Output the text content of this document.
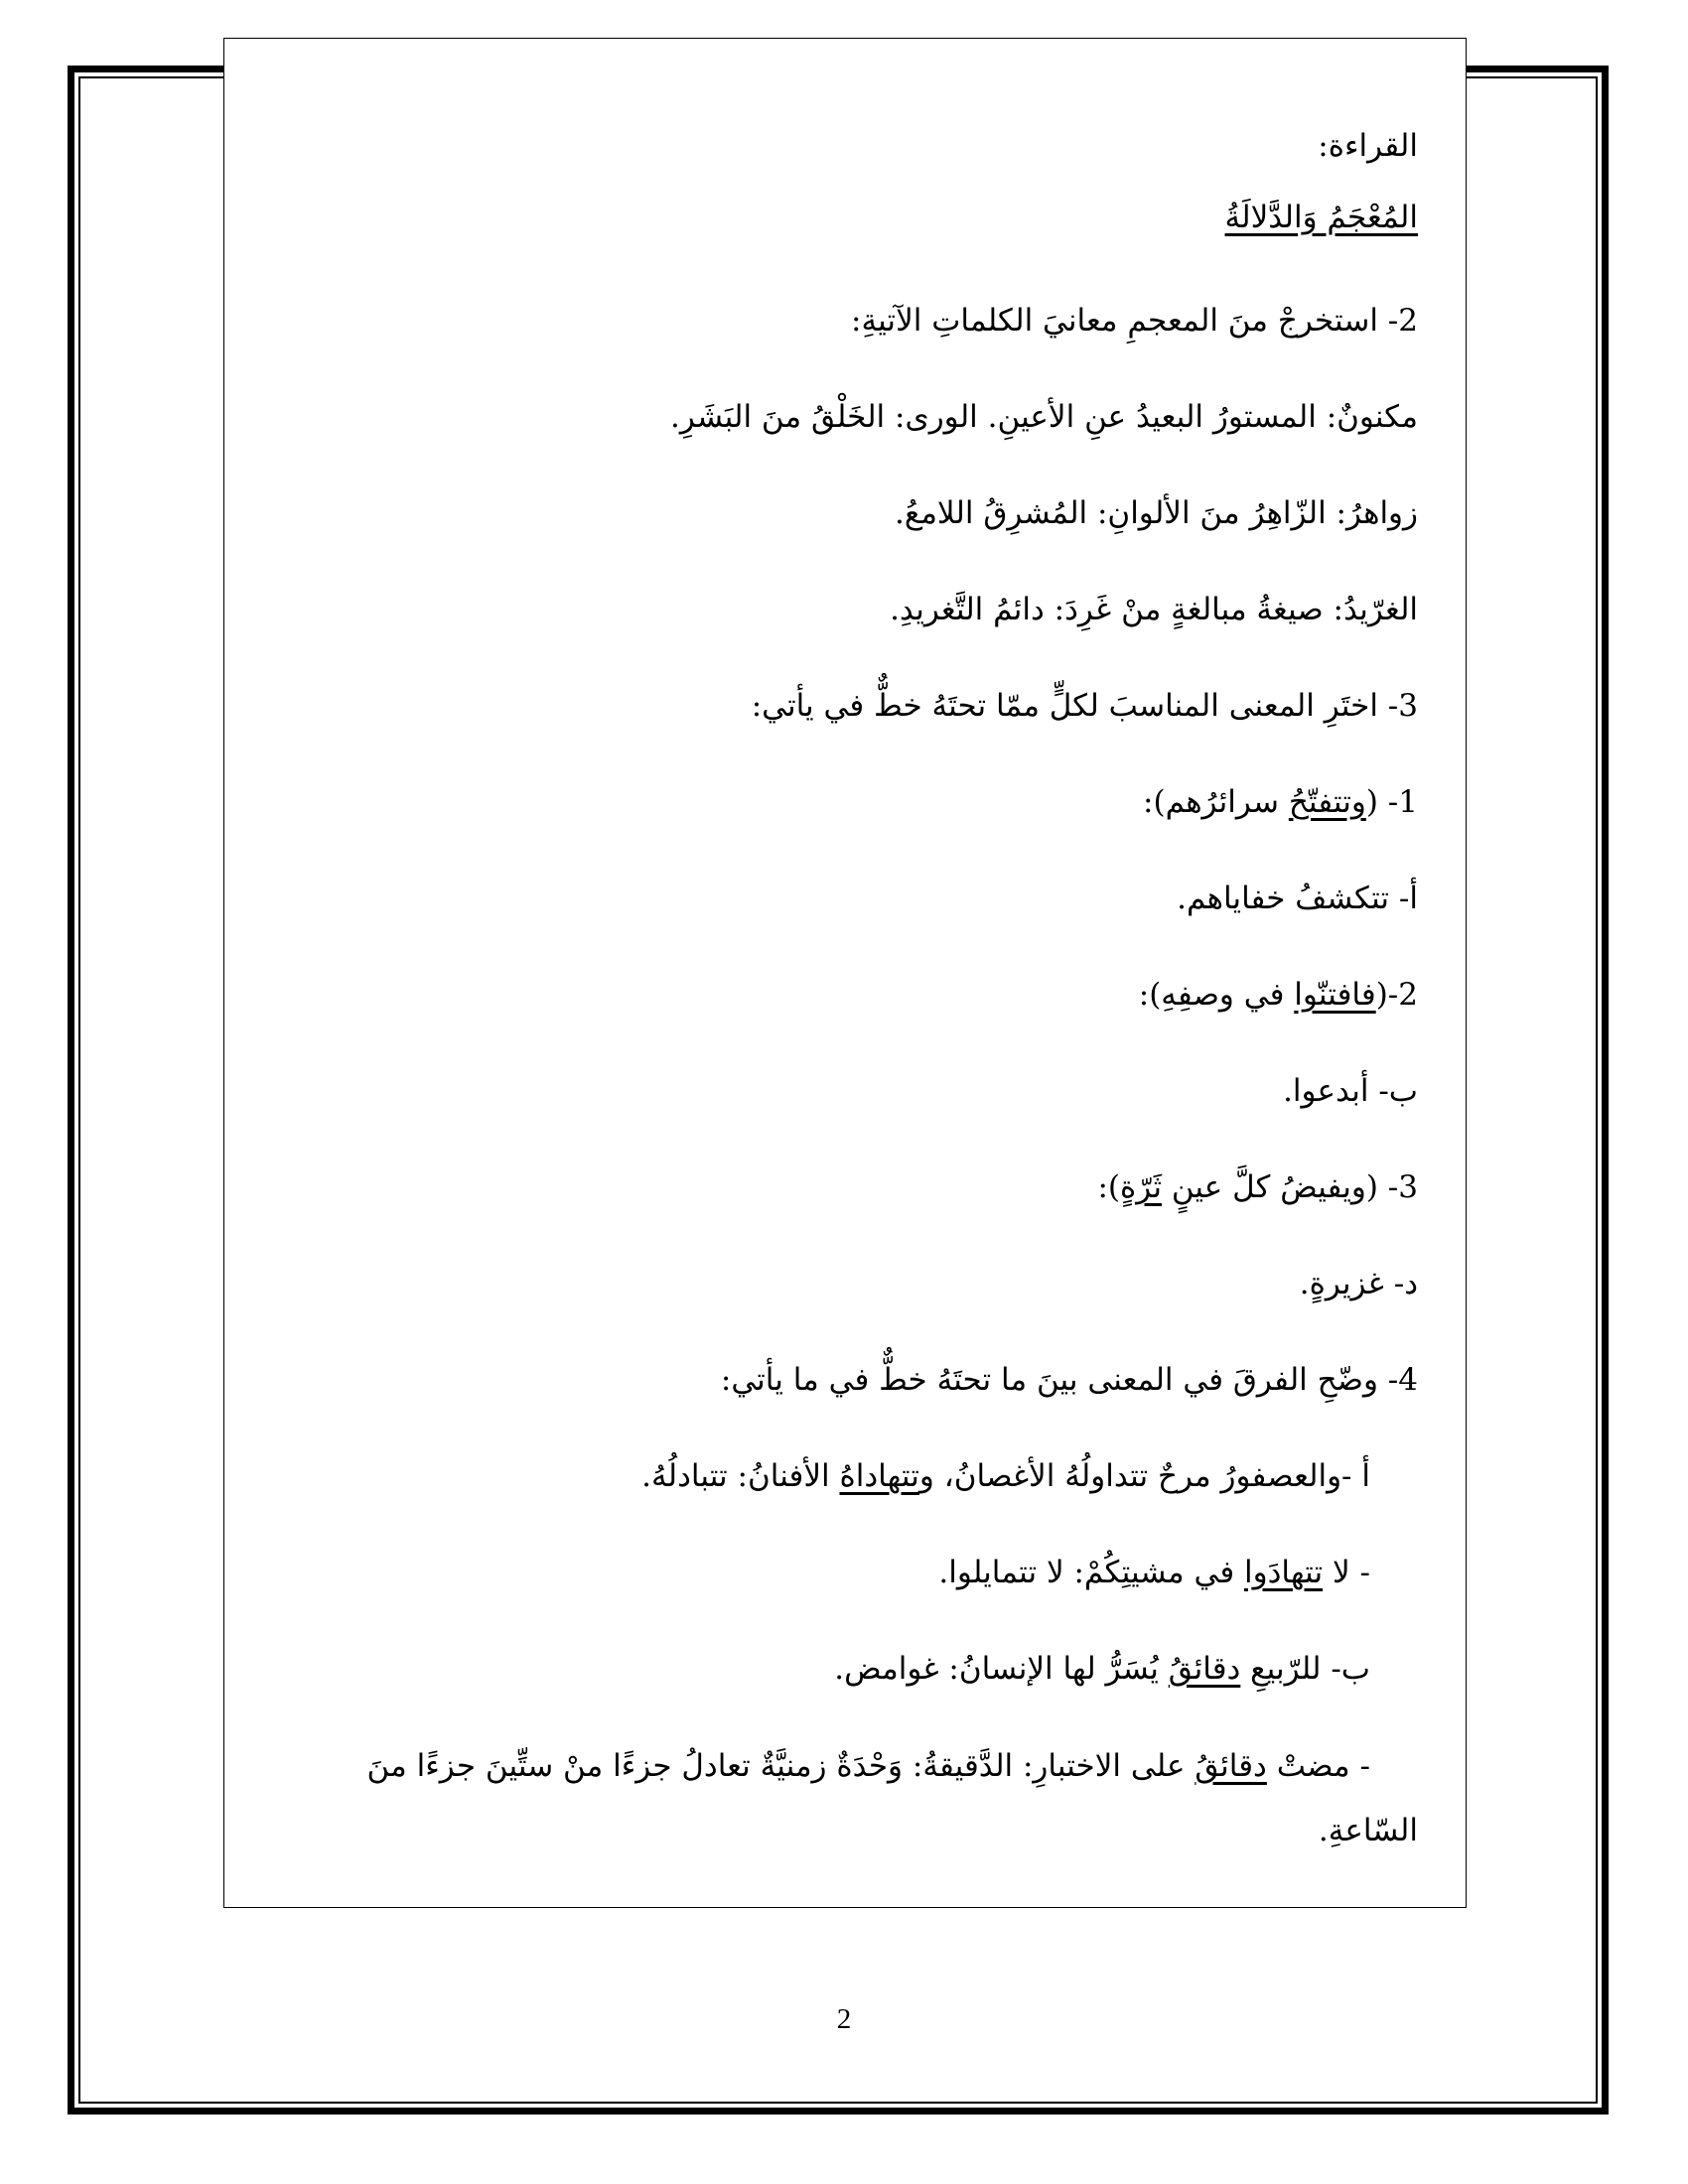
القراءة:
المُعْجَمُ وَالدَّلالَةُ
2- استخرجْ منَ المعجمِ معانيَ الكلماتِ الآتيةِ:
مكنونٌ: المستورُ البعيدُ عنِ الأعينِ. الورى: الخَلْقُ منَ البَشَرِ.
زواهرُ: الزّاهِرُ منَ الألوانِ: المُشرِقُ اللامعُ.
الغرّيدُ: صيغةُ مبالغةٍ منْ غَرِدَ: دائمُ التَّغريدِ.
3- اختَرِ المعنى المناسبَ لكلٍّ ممّا تحتَهُ خطٌّ في يأتي:
1- (وتتفتّحُ سرائرُهم):
أ- تتكشفُ خفاياهم.
2-(فافتنّوا في وصفِهِ):
ب- أبدعوا.
3- (ويفيضُ كلَّ عينٍ ثَرّةٍ):
د- غزيرةٍ.
4- وضّحِ الفرقَ في المعنى بينَ ما تحتَهُ خطٌّ في ما يأتي:
أ -والعصفورُ مرحٌ تتداولُهُ الأغصانُ، وتتهاداهُ الأفنانُ: تتبادلُهُ.
- لا تتهادَوا في مشيتِكُمْ: لا تتمايلوا.
ب- للرّبيعِ دقائقُ يُسَرُّ لها الإنسانُ: غوامض.
- مضتْ دقائقُ على الاختبارِ: الدَّقيقةُ: وَحْدَةٌ زمنيَّةٌ تعادلُ جزءًا منْ ستِّينَ جزءًا منَ
السّاعةِ.
2
